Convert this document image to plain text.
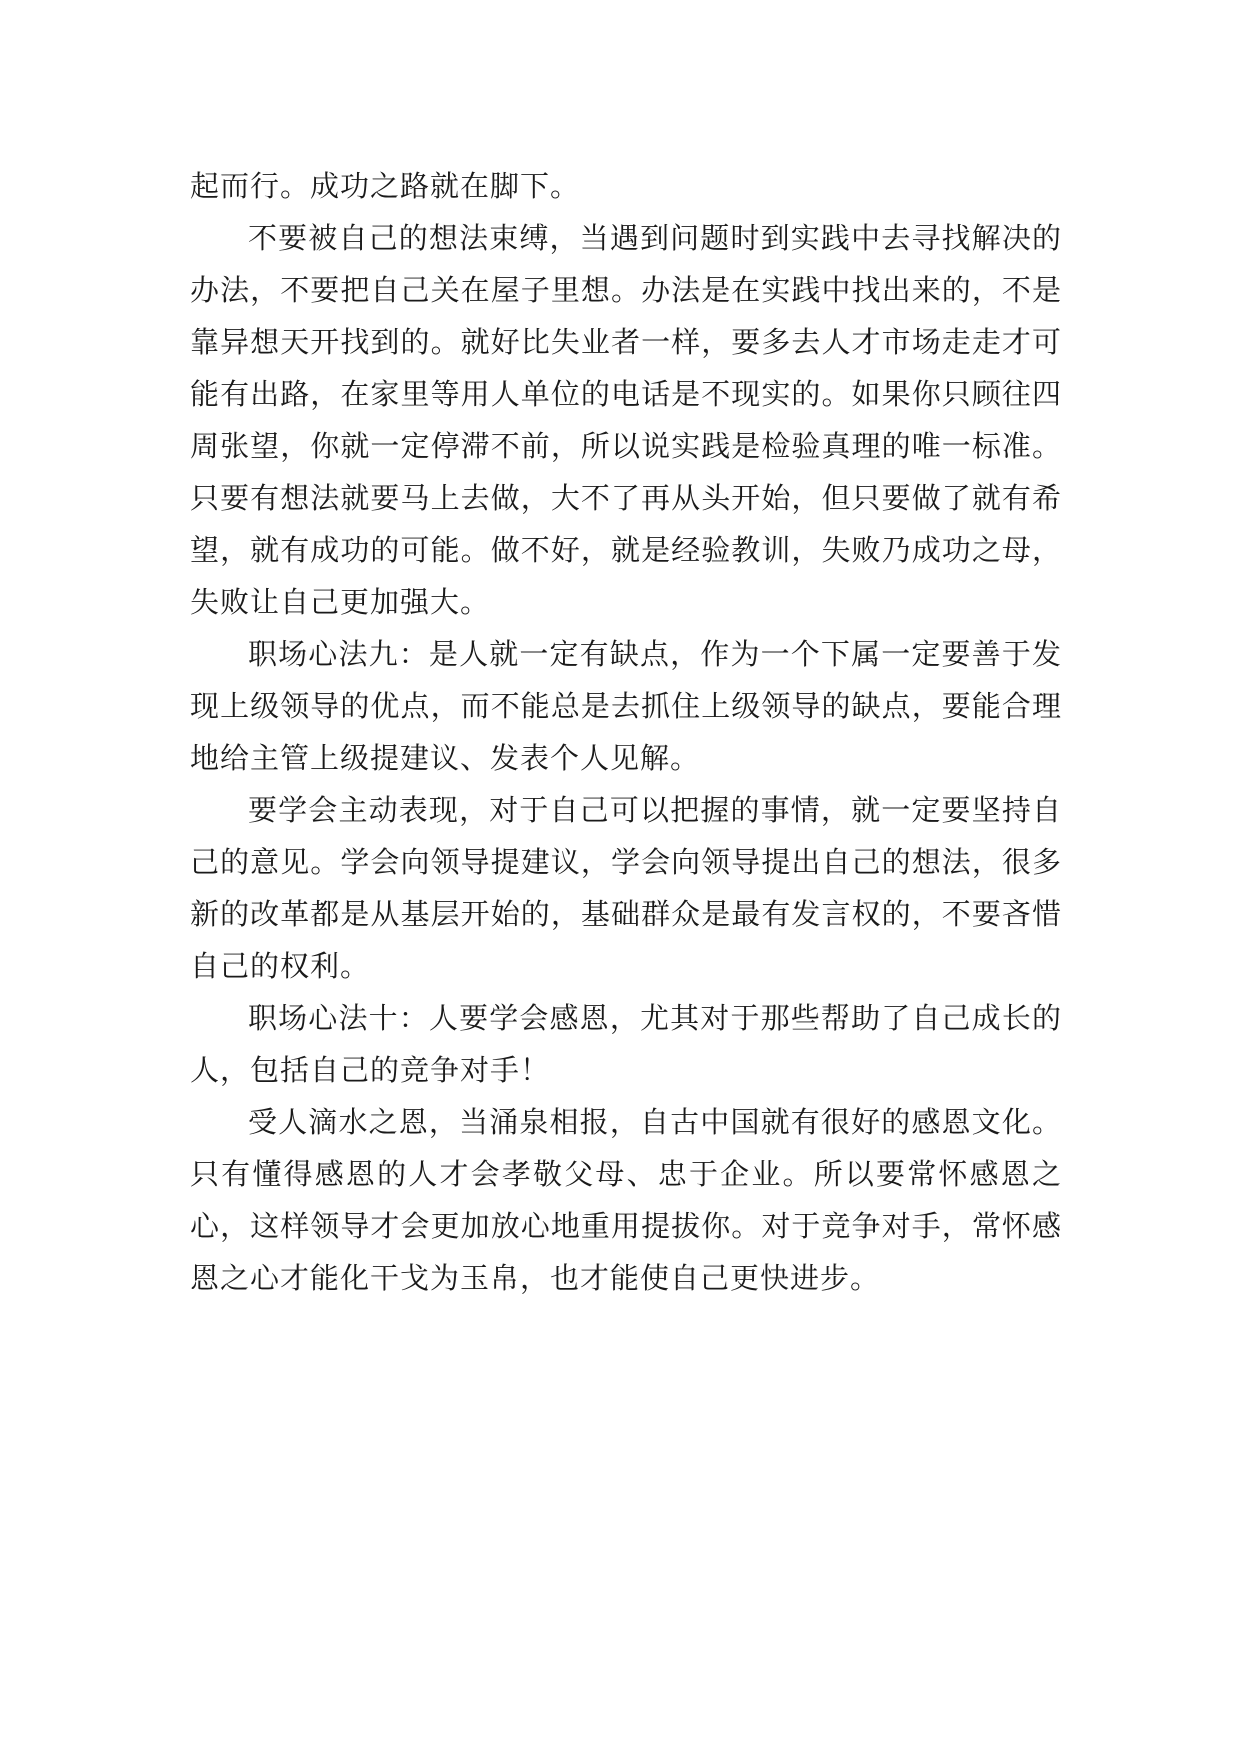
起而行。成功之路就在脚下。

不要被自己的想法束缚，当遇到问题时到实践中去寻找解决的办法，不要把自己关在屋子里想。办法是在实践中找出来的，不是靠异想天开找到的。就好比失业者一样，要多去人才市场走走才可能有出路，在家里等用人单位的电话是不现实的。如果你只顾往四周张望，你就一定停滞不前，所以说实践是检验真理的唯一标准。只要有想法就要马上去做，大不了再从头开始，但只要做了就有希望，就有成功的可能。做不好，就是经验教训，失败乃成功之母，失败让自己更加强大。

职场心法九：是人就一定有缺点，作为一个下属一定要善于发现上级领导的优点，而不能总是去抓住上级领导的缺点，要能合理地给主管上级提建议、发表个人见解。

要学会主动表现，对于自己可以把握的事情，就一定要坚持自己的意见。学会向领导提建议，学会向领导提出自己的想法，很多新的改革都是从基层开始的，基础群众是最有发言权的，不要吝惜自己的权利。

职场心法十：人要学会感恩，尤其对于那些帮助了自己成长的人，包括自己的竞争对手！

受人滴水之恩，当涌泉相报，自古中国就有很好的感恩文化。只有懂得感恩的人才会孝敬父母、忠于企业。所以要常怀感恩之心，这样领导才会更加放心地重用提拔你。对于竞争对手，常怀感恩之心才能化干戈为玉帛，也才能使自己更快进步。
